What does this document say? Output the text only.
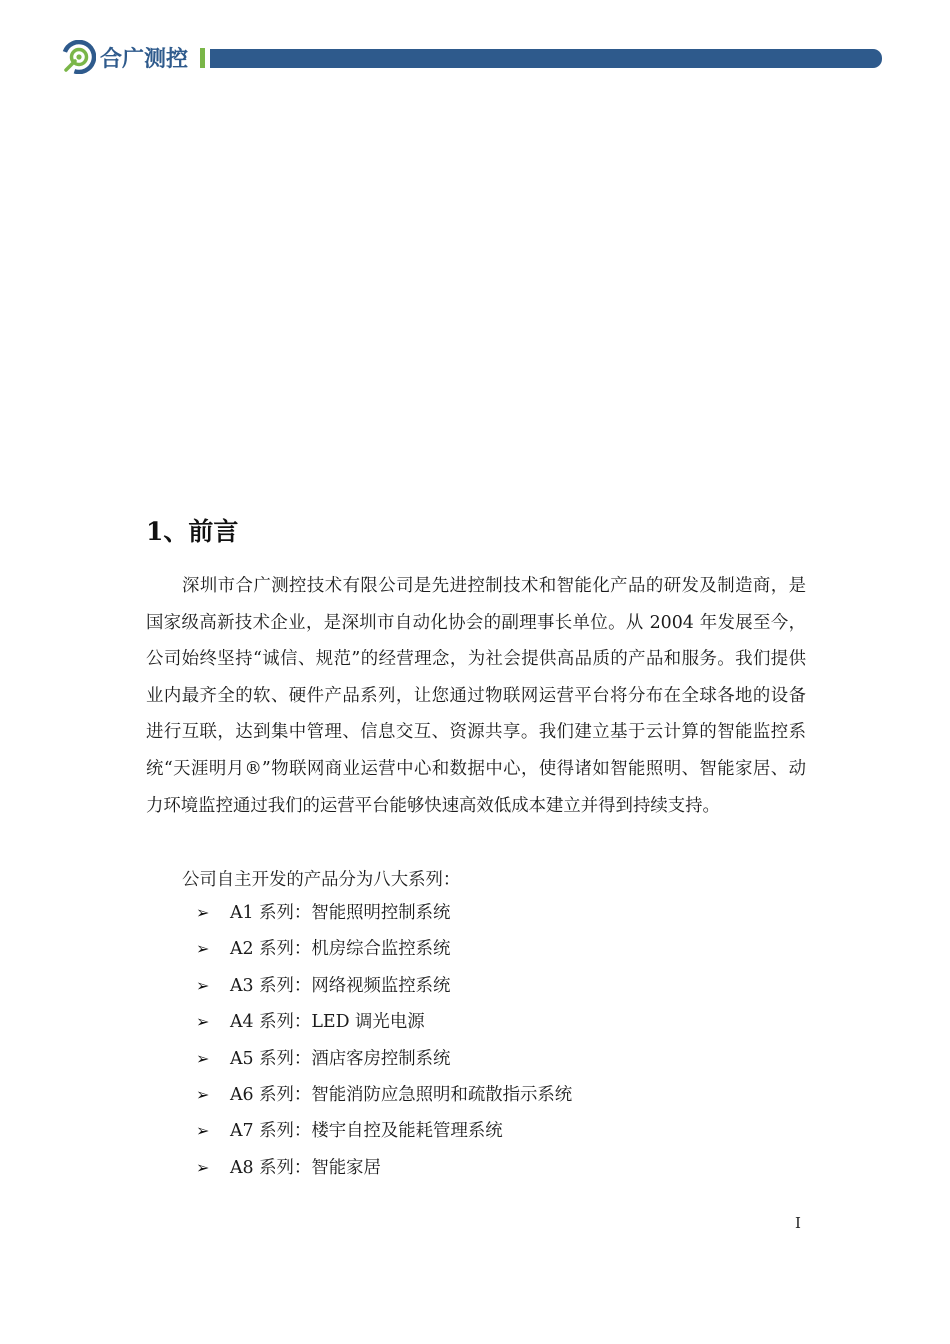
合广测控
1、前言

深圳市合广测控技术有限公司是先进控制技术和智能化产品的研发及制造商，是国家级高新技术企业，是深圳市自动化协会的副理事长单位。从 2004 年发展至今，公司始终坚持“诚信、规范”的经营理念，为社会提供高品质的产品和服务。我们提供业内最齐全的软、硬件产品系列，让您通过物联网运营平台将分布在全球各地的设备进行互联，达到集中管理、信息交互、资源共享。我们建立基于云计算的智能监控系统“天涯明月®”物联网商业运营中心和数据中心，使得诸如智能照明、智能家居、动力环境监控通过我们的运营平台能够快速高效低成本建立并得到持续支持。

公司自主开发的产品分为八大系列：
➢	A1 系列：智能照明控制系统
➢	A2 系列：机房综合监控系统
➢	A3 系列：网络视频监控系统
➢	A4 系列：LED 调光电源
➢	A5 系列：酒店客房控制系统
➢	A6 系列：智能消防应急照明和疏散指示系统
➢	A7 系列：楼宇自控及能耗管理系统
➢	A8 系列：智能家居
I
